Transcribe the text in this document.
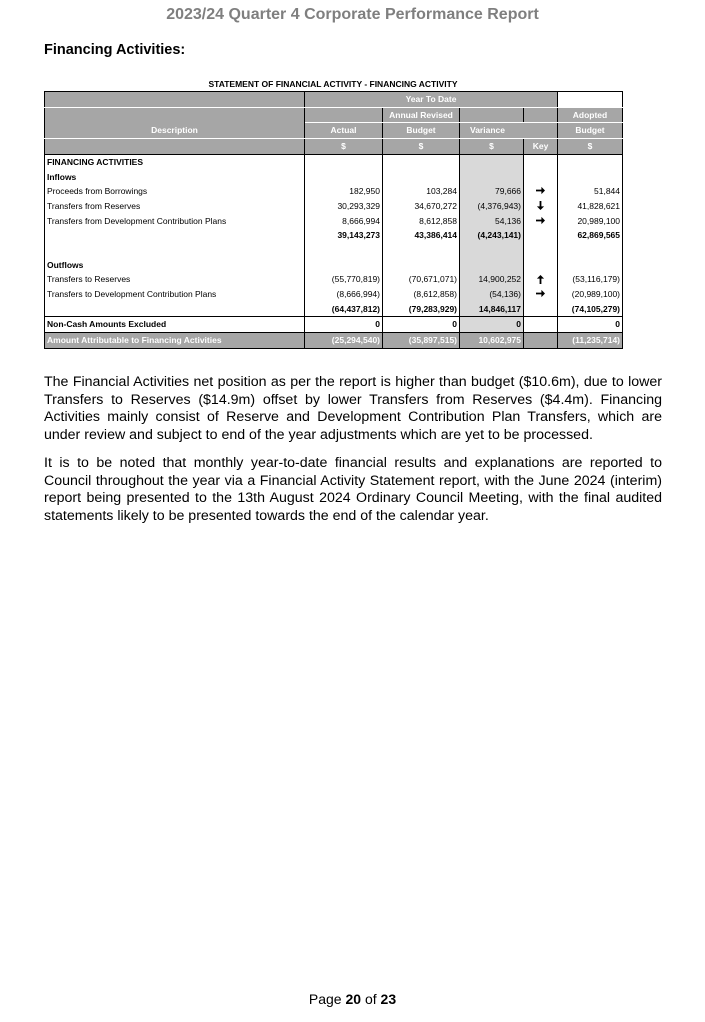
2023/24 Quarter 4 Corporate Performance Report
Financing Activities:
STATEMENT OF FINANCIAL ACTIVITY - FINANCING ACTIVITY
	Year To Date				
Description		Annual Revised			Adopted
	Actual	Budget	Variance		Budget
	$	$	$	Key	$
FINANCING ACTIVITIES					
Inflows					
Proceeds from Borrowings	182,950	103,284	79,666		51,844
Transfers from Reserves	30,293,329	34,670,272	(4,376,943)		41,828,621
Transfers from Development Contribution Plans	8,666,994	8,612,858	54,136		20,989,100
	39,143,273	43,386,414	(4,243,141)		62,869,565

Outflows					
Transfers to Reserves	(55,770,819)	(70,671,071)	14,900,252		(53,116,179)
Transfers to Development Contribution Plans	(8,666,994)	(8,612,858)	(54,136)		(20,989,100)
	(64,437,812)	(79,283,929)	14,846,117		(74,105,279)
Non-Cash Amounts Excluded	0	0	0		0
Amount Attributable to Financing Activities	(25,294,540)	(35,897,515)	10,602,975		(11,235,714)
The Financial Activities net position as per the report is higher than budget ($10.6m), due to lower Transfers to Reserves ($14.9m) offset by lower Transfers from Reserves ($4.4m). Financing Activities mainly consist of Reserve and Development Contribution Plan Transfers, which are under review and subject to end of the year adjustments which are yet to be processed.
It is to be noted that monthly year-to-date financial results and explanations are reported to Council throughout the year via a Financial Activity Statement report, with the June 2024 (interim) report being presented to the 13th August 2024 Ordinary Council Meeting, with the final audited statements likely to be presented towards the end of the calendar year.
Page 20 of 23
